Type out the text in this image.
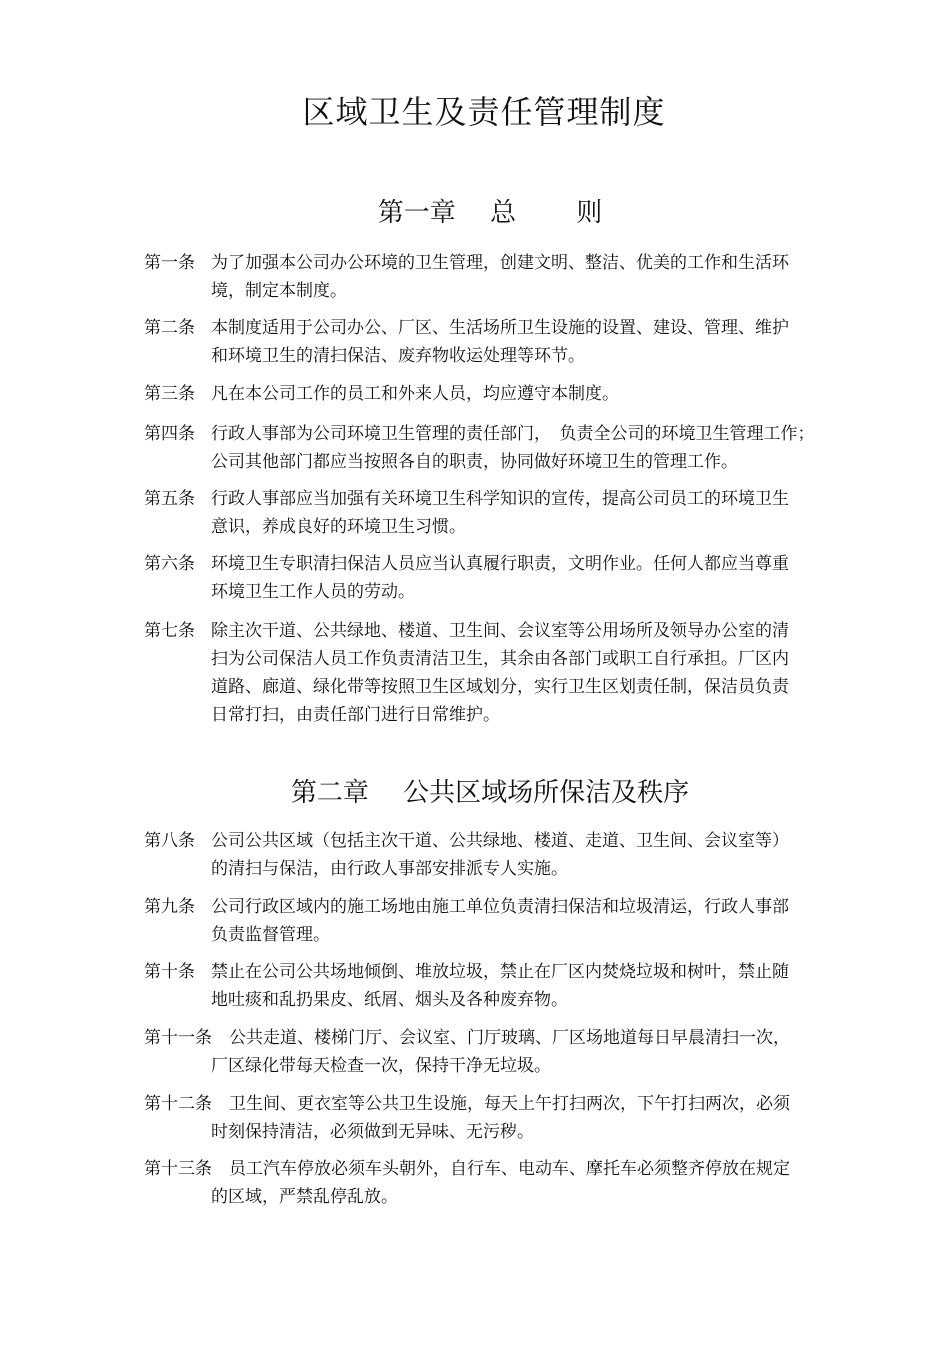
区域卫生及责任管理制度
第一章　 总　　 则
第一条 为了加强本公司办公环境的卫生管理，创建文明、整洁、优美的工作和生活环
境，制定本制度。
第二条 本制度适用于公司办公、厂区、生活场所卫生设施的设置、建设、管理、维护
和环境卫生的清扫保洁、废弃物收运处理等环节。
第三条 凡在本公司工作的员工和外来人员，均应遵守本制度。
第四条 行政人事部为公司环境卫生管理的责任部门，　负责全公司的环境卫生管理工作；
公司其他部门都应当按照各自的职责，协同做好环境卫生的管理工作。
第五条 行政人事部应当加强有关环境卫生科学知识的宣传，提高公司员工的环境卫生
意识，养成良好的环境卫生习惯。
第六条 环境卫生专职清扫保洁人员应当认真履行职责，文明作业。任何人都应当尊重
环境卫生工作人员的劳动。
第七条 除主次干道、公共绿地、楼道、卫生间、会议室等公用场所及领导办公室的清
扫为公司保洁人员工作负责清洁卫生，其余由各部门或职工自行承担。厂区内
道路、廊道、绿化带等按照卫生区域划分，实行卫生区划责任制，保洁员负责
日常打扫，由责任部门进行日常维护。
第二章　 公共区域场所保洁及秩序
第八条 公司公共区域（包括主次干道、公共绿地、楼道、走道、卫生间、会议室等）
的清扫与保洁，由行政人事部安排派专人实施。
第九条 公司行政区域内的施工场地由施工单位负责清扫保洁和垃圾清运，行政人事部
负责监督管理。
第十条 禁止在公司公共场地倾倒、堆放垃圾，禁止在厂区内焚烧垃圾和树叶，禁止随
地吐痰和乱扔果皮、纸屑、烟头及各种废弃物。
第十一条	公共走道、楼梯门厅、会议室、门厅玻璃、厂区场地道每日早晨清扫一次，
厂区绿化带每天检查一次，保持干净无垃圾。
第十二条	卫生间、更衣室等公共卫生设施，每天上午打扫两次，下午打扫两次，必须
时刻保持清洁，必须做到无异味、无污秽。
第十三条	员工汽车停放必须车头朝外，自行车、电动车、摩托车必须整齐停放在规定
的区域，严禁乱停乱放。
